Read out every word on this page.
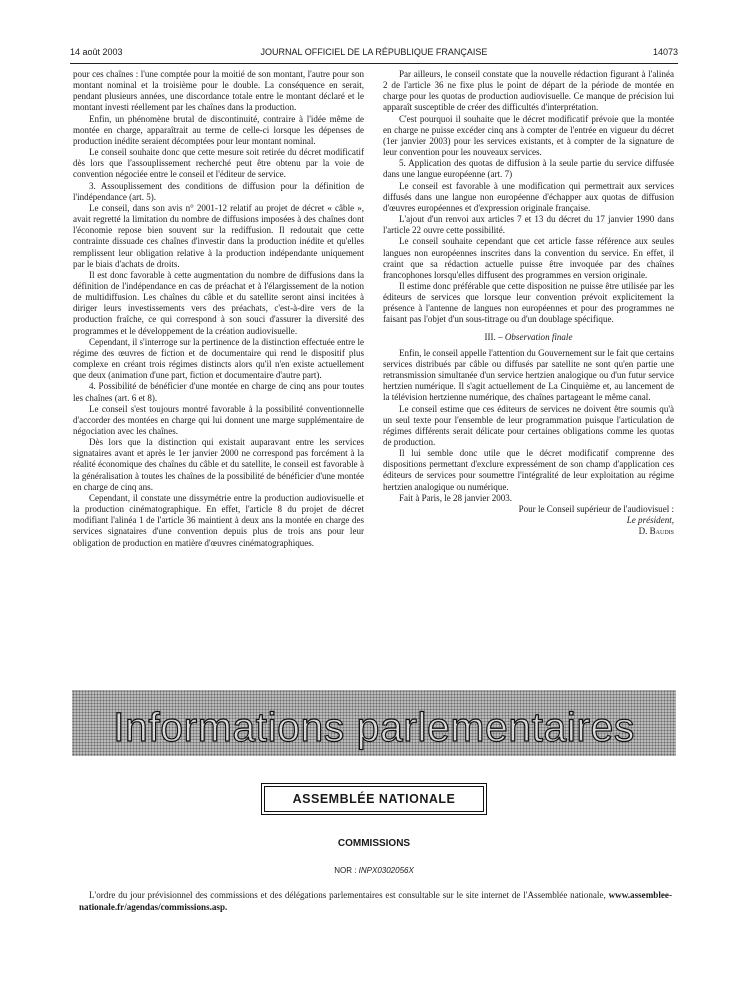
14 août 2003	JOURNAL OFFICIEL DE LA RÉPUBLIQUE FRANÇAISE	14073

pour ces chaînes : l'une comptée pour la moitié de son montant, l'autre pour son montant nominal et la troisième pour le double. La conséquence en serait, pendant plusieurs années, une discordance totale entre le montant déclaré et le montant investi réellement par les chaînes dans la production.

Enfin, un phénomène brutal de discontinuité, contraire à l'idée même de montée en charge, apparaîtrait au terme de celle-ci lorsque les dépenses de production inédite seraient décomptées pour leur montant nominal.

Le conseil souhaite donc que cette mesure soit retirée du décret modificatif dès lors que l'assouplissement recherché peut être obtenu par la voie de convention négociée entre le conseil et l'éditeur de service.

3. Assouplissement des conditions de diffusion pour la définition de l'indépendance (art. 5).

Le conseil, dans son avis n° 2001-12 relatif au projet de décret « câble », avait regretté la limitation du nombre de diffusions imposées à des chaînes dont l'économie repose bien souvent sur la rediffusion. Il redoutait que cette contrainte dissuade ces chaînes d'investir dans la production inédite et qu'elles remplissent leur obligation relative à la production indépendante uniquement par le biais d'achats de droits.

Il est donc favorable à cette augmentation du nombre de diffusions dans la définition de l'indépendance en cas de préachat et à l'élargissement de la notion de multidiffusion. Les chaînes du câble et du satellite seront ainsi incitées à diriger leurs investissements vers des préachats, c'est-à-dire vers de la production fraîche, ce qui correspond à son souci d'assurer la diversité des programmes et le développement de la création audiovisuelle.

Cependant, il s'interroge sur la pertinence de la distinction effectuée entre le régime des œuvres de fiction et de documentaire qui rend le dispositif plus complexe en créant trois régimes distincts alors qu'il n'en existe actuellement que deux (animation d'une part, fiction et documentaire d'autre part).

4. Possibilité de bénéficier d'une montée en charge de cinq ans pour toutes les chaînes (art. 6 et 8).

Le conseil s'est toujours montré favorable à la possibilité conventionnelle d'accorder des montées en charge qui lui donnent une marge supplémentaire de négociation avec les chaînes.

Dès lors que la distinction qui existait auparavant entre les services signataires avant et après le 1er janvier 2000 ne correspond pas forcément à la réalité économique des chaînes du câble et du satellite, le conseil est favorable à la généralisation à toutes les chaînes de la possibilité de bénéficier d'une montée en charge de cinq ans.

Cependant, il constate une dissymétrie entre la production audiovisuelle et la production cinématographique. En effet, l'article 8 du projet de décret modifiant l'alinéa 1 de l'article 36 maintient à deux ans la montée en charge des services signataires d'une convention depuis plus de trois ans pour leur obligation de production en matière d'œuvres cinématographiques.

Par ailleurs, le conseil constate que la nouvelle rédaction figurant à l'alinéa 2 de l'article 36 ne fixe plus le point de départ de la période de montée en charge pour les quotas de production audiovisuelle. Ce manque de précision lui apparaît susceptible de créer des difficultés d'interprétation.

C'est pourquoi il souhaite que le décret modificatif prévoie que la montée en charge ne puisse excéder cinq ans à compter de l'entrée en vigueur du décret (1er janvier 2003) pour les services existants, et à compter de la signature de leur convention pour les nouveaux services.

5. Application des quotas de diffusion à la seule partie du service diffusée dans une langue européenne (art. 7)

Le conseil est favorable à une modification qui permettrait aux services diffusés dans une langue non européenne d'échapper aux quotas de diffusion d'œuvres européennes et d'expression originale française.

L'ajout d'un renvoi aux articles 7 et 13 du décret du 17 janvier 1990 dans l'article 22 ouvre cette possibilité.

Le conseil souhaite cependant que cet article fasse référence aux seules langues non européennes inscrites dans la convention du service. En effet, il craint que sa rédaction actuelle puisse être invoquée par des chaînes francophones lorsqu'elles diffusent des programmes en version originale.

Il estime donc préférable que cette disposition ne puisse être utilisée par les éditeurs de services que lorsque leur convention prévoit explicitement la présence à l'antenne de langues non européennes et pour des programmes ne faisant pas l'objet d'un sous-titrage ou d'un doublage spécifique.

III. – Observation finale

Enfin, le conseil appelle l'attention du Gouvernement sur le fait que certains services distribués par câble ou diffusés par satellite ne sont qu'en partie une retransmission simultanée d'un service hertzien analogique ou d'un futur service hertzien numérique. Il s'agit actuellement de La Cinquième et, au lancement de la télévision hertzienne numérique, des chaînes partageant le même canal.

Le conseil estime que ces éditeurs de services ne doivent être soumis qu'à un seul texte pour l'ensemble de leur programmation puisque l'articulation de régimes différents serait délicate pour certaines obligations comme les quotas de production.

Il lui semble donc utile que le décret modificatif comprenne des dispositions permettant d'exclure expressément de son champ d'application ces éditeurs de services pour soumettre l'intégralité de leur exploitation au régime hertzien analogique ou numérique.

Fait à Paris, le 28 janvier 2003.

Pour le Conseil supérieur de l'audiovisuel :

Le président,

D. Baudis

Informations parlementaires
ASSEMBLÉE NATIONALE
COMMISSIONS
NOR : INPX0302056X
L'ordre du jour prévisionnel des commissions et des délégations parlementaires est consultable sur le site internet de l'Assemblée nationale, www.assemblee-nationale.fr/agendas/commissions.asp.
